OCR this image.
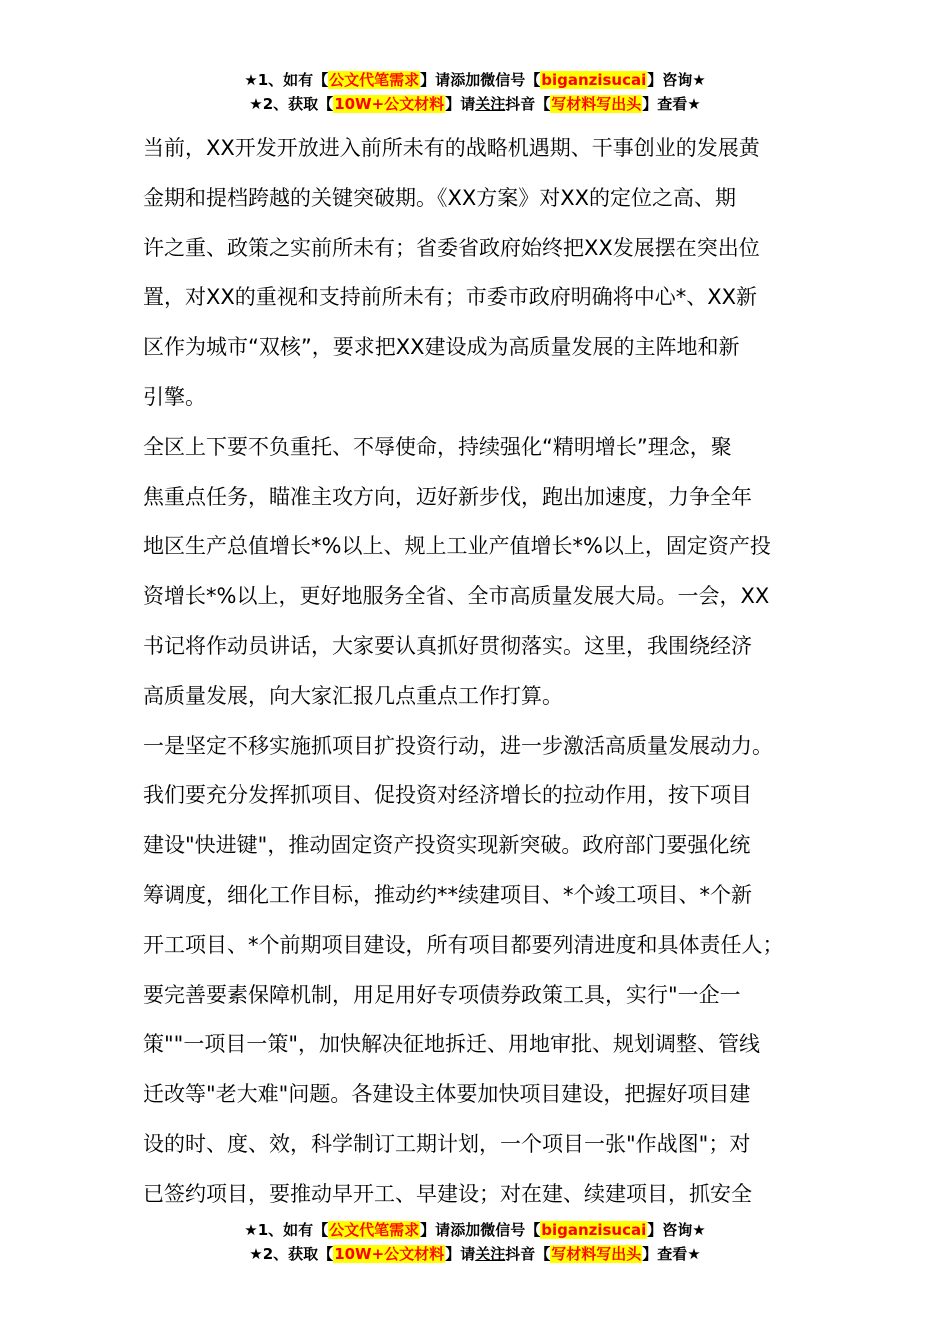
★1、如有【公文代笔需求】请添加微信号【biganzisucai】咨询★
★2、获取【10W+公文材料】请关注抖音【写材料写出头】查看★

当前，XX开发开放进入前所未有的战略机遇期、干事创业的发展黄
金期和提档跨越的关键突破期。《XX方案》对XX的定位之高、期
许之重、政策之实前所未有；省委省政府始终把XX发展摆在突出位
置，对XX的重视和支持前所未有；市委市政府明确将中心*、XX新
区作为城市“双核”，要求把XX建设成为高质量发展的主阵地和新
引擎。

全区上下要不负重托、不辱使命，持续强化“精明增长”理念，聚
焦重点任务，瞄准主攻方向，迈好新步伐，跑出加速度，力争全年
地区生产总值增长*%以上、规上工业产值增长*%以上，固定资产投
资增长*%以上，更好地服务全省、全市高质量发展大局。一会，XX
书记将作动员讲话，大家要认真抓好贯彻落实。这里，我围绕经济
高质量发展，向大家汇报几点重点工作打算。

一是坚定不移实施抓项目扩投资行动，进一步激活高质量发展动力。
我们要充分发挥抓项目、促投资对经济增长的拉动作用，按下项目
建设"快进键"，推动固定资产投资实现新突破。政府部门要强化统
筹调度，细化工作目标，推动约**续建项目、*个竣工项目、*个新
开工项目、*个前期项目建设，所有项目都要列清进度和具体责任人；
要完善要素保障机制，用足用好专项债券政策工具，实行"一企一
策""一项目一策"，加快解决征地拆迁、用地审批、规划调整、管线
迁改等"老大难"问题。各建设主体要加快项目建设，把握好项目建
设的时、度、效，科学制订工期计划，一个项目一张"作战图"；对
已签约项目，要推动早开工、早建设；对在建、续建项目，抓安全

★1、如有【公文代笔需求】请添加微信号【biganzisucai】咨询★
★2、获取【10W+公文材料】请关注抖音【写材料写出头】查看★
